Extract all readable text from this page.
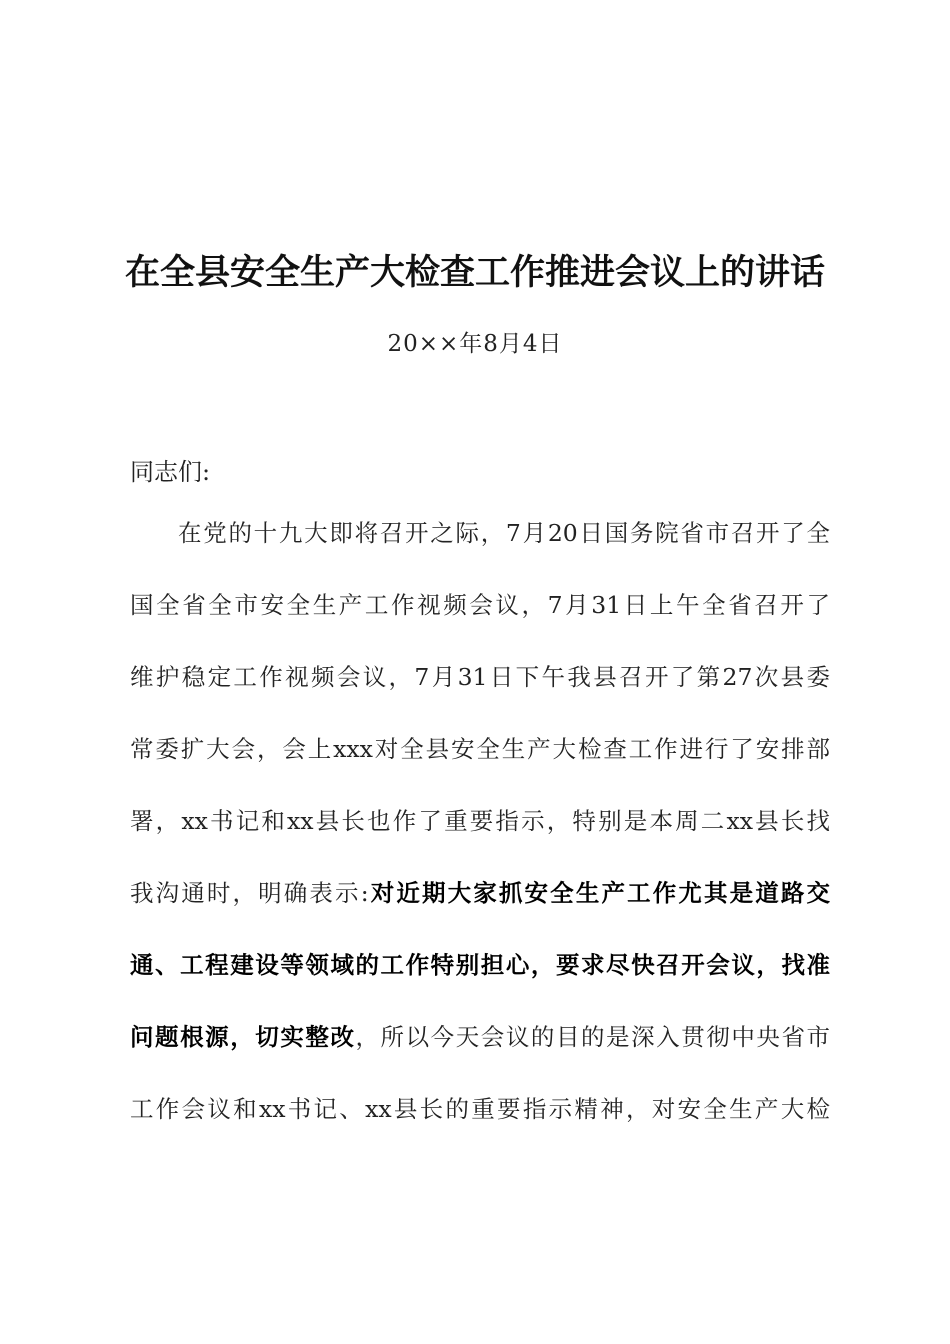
在全县安全生产大检查工作推进会议上的讲话
20××年8月4日
同志们:
在党的十九大即将召开之际，7月20日国务院省市召开了全
国全省全市安全生产工作视频会议，7月31日上午全省召开了
维护稳定工作视频会议，7月31日下午我县召开了第27次县委
常委扩大会，会上xxx对全县安全生产大检查工作进行了安排部
署，xx书记和xx县长也作了重要指示，特别是本周二xx县长找
我沟通时，明确表示:对近期大家抓安全生产工作尤其是道路交
通、工程建设等领域的工作特别担心，要求尽快召开会议，找准
问题根源，切实整改，所以今天会议的目的是深入贯彻中央省市
工作会议和xx书记、xx县长的重要指示精神，对安全生产大检
